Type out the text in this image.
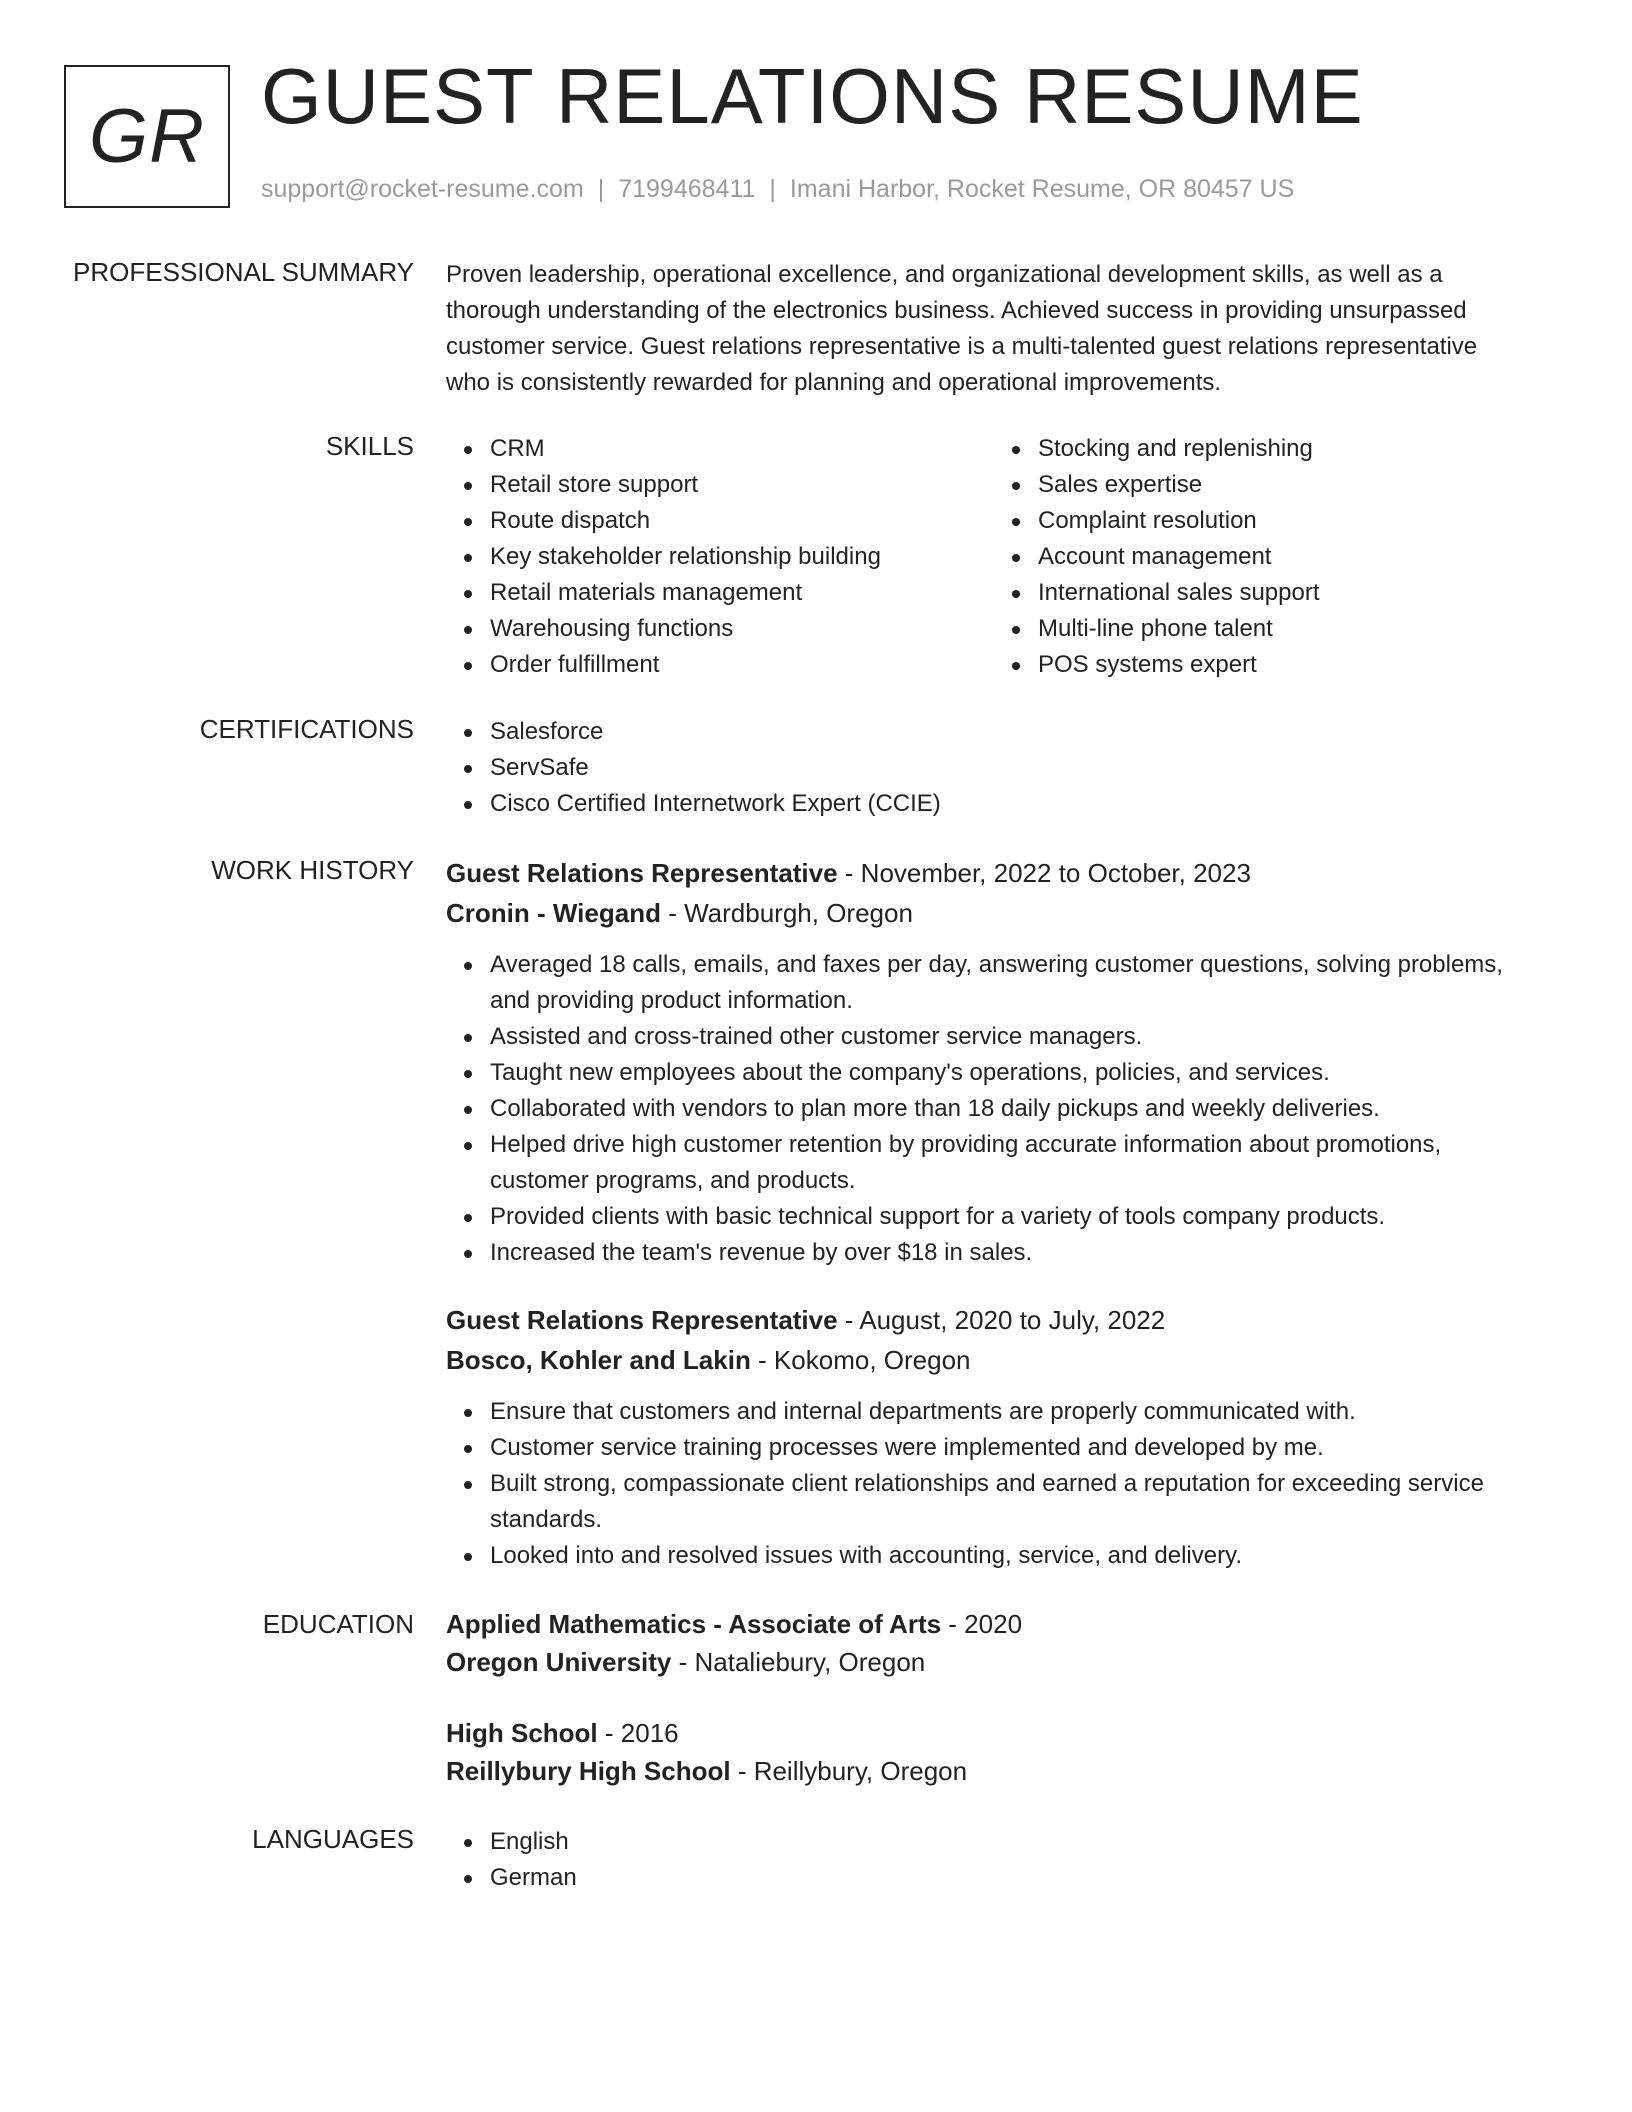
GR GUEST RELATIONS RESUME
support@rocket-resume.com | 7199468411 | Imani Harbor, Rocket Resume, OR 80457 US
PROFESSIONAL SUMMARY Proven leadership, operational excellence, and organizational development skills, as well as a thorough understanding of the electronics business. Achieved success in providing unsurpassed customer service. Guest relations representative is a multi-talented guest relations representative who is consistently rewarded for planning and operational improvements.
SKILLS	CRM
Retail store support
Route dispatch
Key stakeholder relationship building
Retail materials management
Warehousing functions
Order fulfillment
Stocking and replenishing
Sales expertise
Complaint resolution
Account management
International sales support
Multi-line phone talent
POS systems expert
CERTIFICATIONS	Salesforce
ServSafe
Cisco Certified Internetwork Expert (CCIE)
WORK HISTORY Guest Relations Representative - November, 2022 to October, 2023
Cronin - Wiegand - Wardburgh, Oregon
Averaged 18 calls, emails, and faxes per day, answering customer questions, solving problems, and providing product information.
Assisted and cross-trained other customer service managers.
Taught new employees about the company's operations, policies, and services.
Collaborated with vendors to plan more than 18 daily pickups and weekly deliveries.
Helped drive high customer retention by providing accurate information about promotions, customer programs, and products.
Provided clients with basic technical support for a variety of tools company products.
Increased the team's revenue by over $18 in sales.
Guest Relations Representative - August, 2020 to July, 2022
Bosco, Kohler and Lakin - Kokomo, Oregon
Ensure that customers and internal departments are properly communicated with.
Customer service training processes were implemented and developed by me.
Built strong, compassionate client relationships and earned a reputation for exceeding service standards.
Looked into and resolved issues with accounting, service, and delivery.
EDUCATION Applied Mathematics - Associate of Arts - 2020
Oregon University - Nataliebury, Oregon
High School - 2016
Reillybury High School - Reillybury, Oregon
LANGUAGES	English
German
